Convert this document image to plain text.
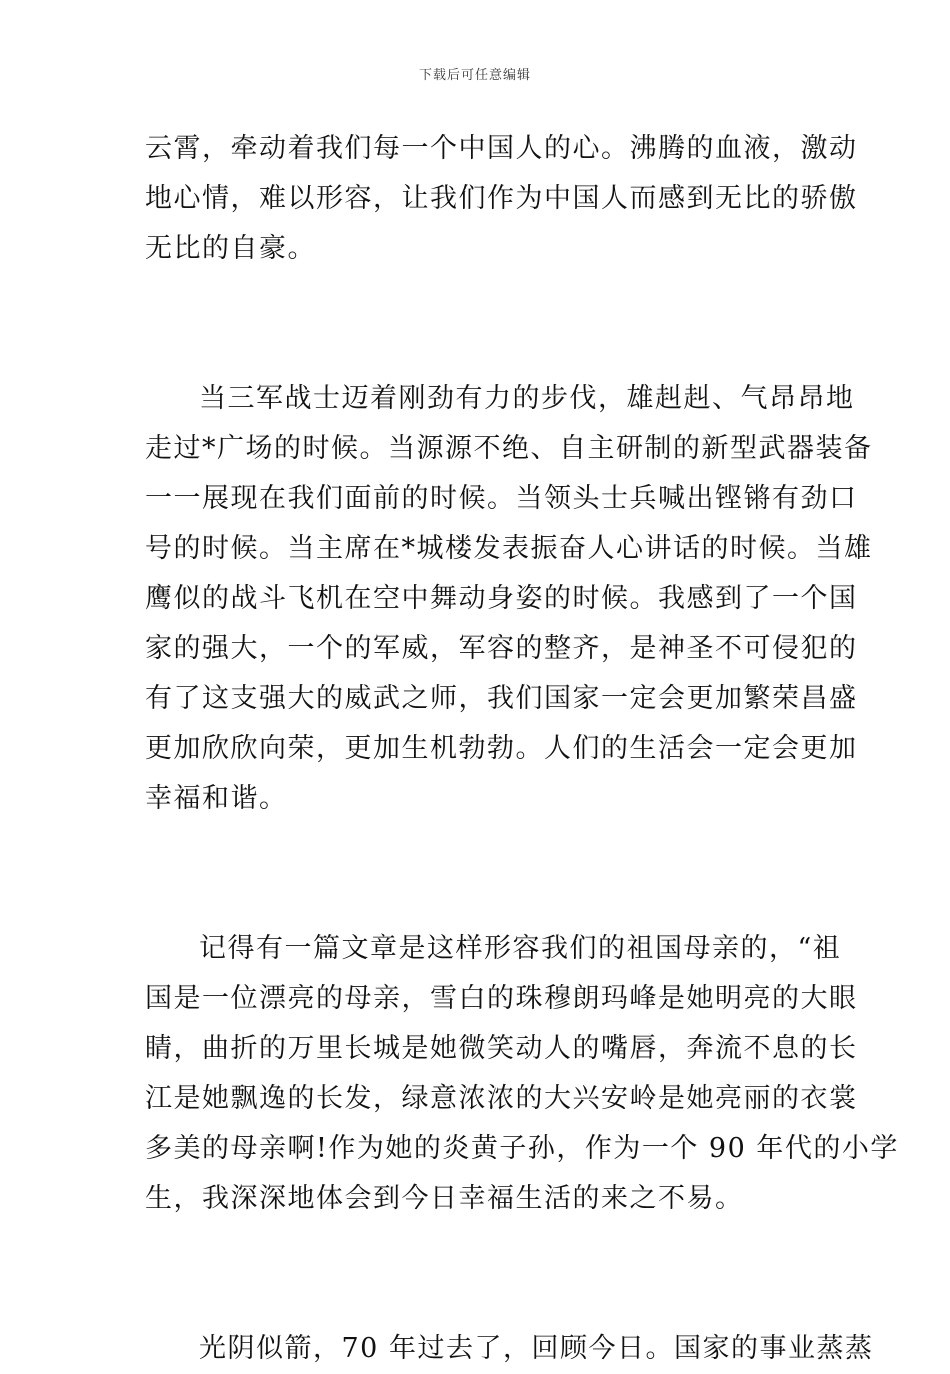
下载后可任意编辑
云霄，牵动着我们每一个中国人的心。沸腾的血液，激动
地心情，难以形容，让我们作为中国人而感到无比的骄傲
无比的自豪。
当三军战士迈着刚劲有力的步伐，雄赳赳、气昂昂地
走过*广场的时候。当源源不绝、自主研制的新型武器装备
一一展现在我们面前的时候。当领头士兵喊出铿锵有劲口
号的时候。当主席在*城楼发表振奋人心讲话的时候。当雄
鹰似的战斗飞机在空中舞动身姿的时候。我感到了一个国
家的强大，一个的军威，军容的整齐，是神圣不可侵犯的
有了这支强大的威武之师，我们国家一定会更加繁荣昌盛
更加欣欣向荣，更加生机勃勃。人们的生活会一定会更加
幸福和谐。
记得有一篇文章是这样形容我们的祖国母亲的，“祖
国是一位漂亮的母亲，雪白的珠穆朗玛峰是她明亮的大眼
睛，曲折的万里长城是她微笑动人的嘴唇，奔流不息的长
江是她飘逸的长发，绿意浓浓的大兴安岭是她亮丽的衣裳
多美的母亲啊!作为她的炎黄子孙，作为一个 90 年代的小学
生，我深深地体会到今日幸福生活的来之不易。
光阴似箭，70 年过去了，回顾今日。国家的事业蒸蒸
